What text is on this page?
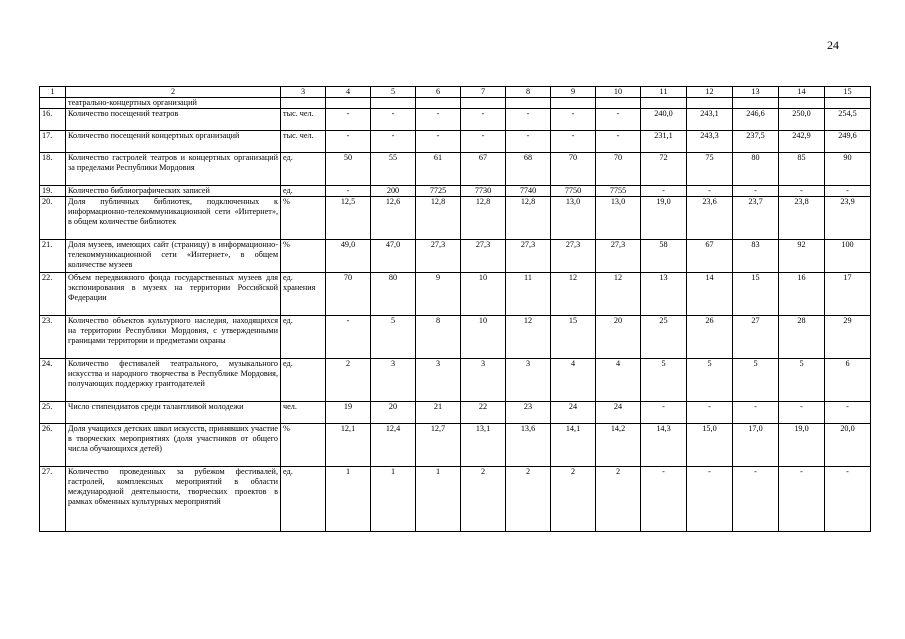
24
1	2	3	4	5	6	7	8	9	10	11	12	13	14	15
	театрально-концертных организаций													
16.	Количество посещений театров	тыс. чел.	-	-	-	-	-	-	-	240,0	243,1	246,6	250,0	254,5
17.	Количество посещений концертных организаций	тыс. чел.	-	-	-	-	-	-	-	231,1	243,3	237,5	242,9	249,6
18.	Количество гастролей театров и концертных организаций за пределами Республики Мордовия	ед.	50	55	61	67	68	70	70	72	75	80	85	90
19.	Количество библиографических записей	ед.	-	200	7725	7730	7740	7750	7755	-	-	-	-	-
20.	Доля публичных библиотек, подключенных к информационно-телекоммуникационной сети «Интернет», в общем количестве библиотек	%	12,5	12,6	12,8	12,8	12,8	13,0	13,0	19,0	23,6	23,7	23,8	23,9
21.	Доля музеев, имеющих сайт (страницу) в информационно-телекоммуникационной сети «Интернет», в общем количестве музеев	%	49,0	47,0	27,3	27,3	27,3	27,3	27,3	58	67	83	92	100
22.	Объем передвижного фонда государственных музеев для экспонирования в музеях на территории Российской Федерации	ед. хранения	70	80	9	10	11	12	12	13	14	15	16	17
23.	Количество объектов культурного наследия, находящихся на территории Республики Мордовия, с утвержденными границами территории и предметами охраны	ед.	-	5	8	10	12	15	20	25	26	27	28	29
24.	Количество фестивалей театрального, музыкального искусства и народного творчества в Республике Мордовия, получающих поддержку грантодателей	ед.	2	3	3	3	3	4	4	5	5	5	5	6
25.	Число стипендиатов среди талантливой молодежи	чел.	19	20	21	22	23	24	24	-	-	-	-	-
26.	Доля учащихся детских школ искусств, принявших участие в творческих мероприятиях (доля участников от общего числа обучающихся детей)	%	12,1	12,4	12,7	13,1	13,6	14,1	14,2	14,3	15,0	17,0	19,0	20,0
27.	Количество проведенных за рубежом фестивалей, гастролей, комплексных мероприятий в области международной деятельности, творческих проектов в рамках обменных культурных мероприятий	ед.	1	1	1	2	2	2	2	-	-	-	-	-
